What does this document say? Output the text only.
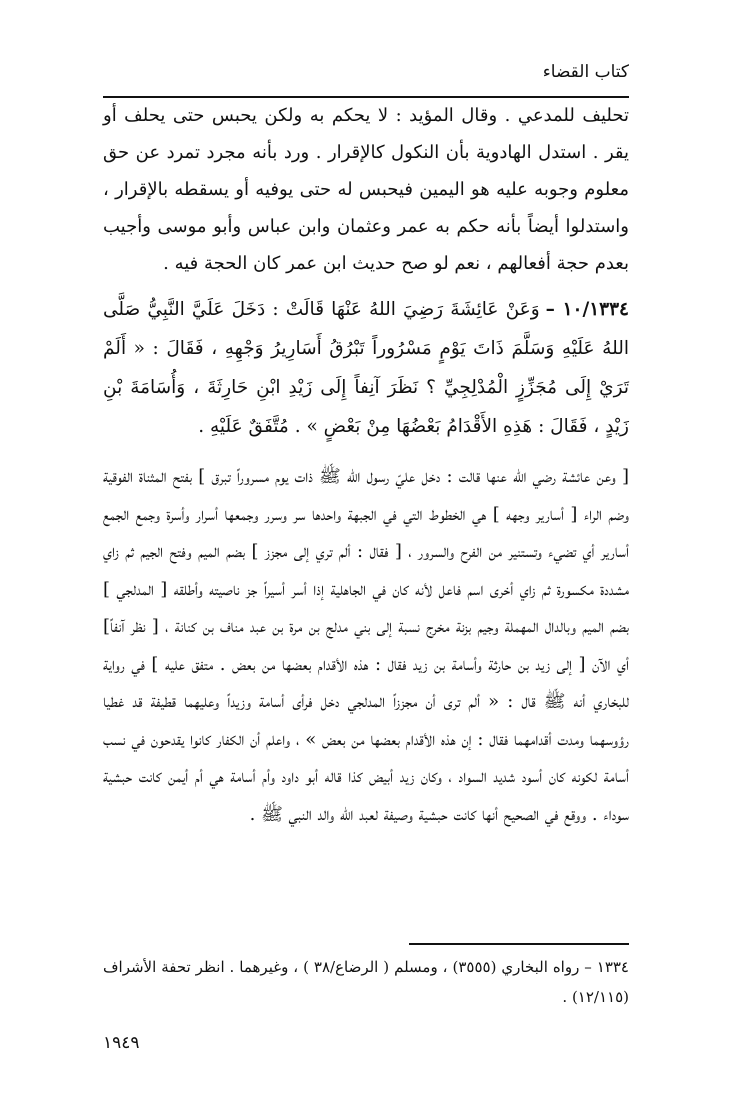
كتاب القضاء

تحليف للمدعي . وقال المؤيد : لا يحكم به ولكن يحبس حتى يحلف أو يقر . استدل الهادوية بأن النكول كالإقرار . ورد بأنه مجرد تمرد عن حق معلوم وجوبه عليه هو اليمين فيحبس له حتى يوفيه أو يسقطه بالإقرار ، واستدلوا أيضاً بأنه حكم به عمر وعثمان وابن عباس وأبو موسى وأجيب بعدم حجة أفعالهم ، نعم لو صح حديث ابن عمر كان الحجة فيه .

١٠/١٣٣٤ –وَعَنْ عَائِشَةَ رَضِيَ اللهُ عَنْهَا قَالَتْ : دَخَلَ عَلَيَّ النَّبِيُّ صَلَّى اللهُ عَلَيْهِ وَسَلَّمَ ذَاتَ يَوْمٍ مَسْرُوراً تَبْرُقُ أَسَارِيرُ وَجْهِهِ ، فَقَالَ : « أَلَمْ تَرَيْ إِلَى مُجَزِّزٍ الْمُدْلِجِيِّ ؟ نَظَرَ آنِفاً إِلَى زَيْدِ ابْنِ حَارِثَةَ ، وَأُسَامَةَ بْنِ زَيْدٍ ، فَقَالَ : هَذِهِ الأَقْدَامُ بَعْضُهَا مِنْ بَعْضٍ » . مُتَّفَقٌ عَلَيْهِ .

[ وعن عائشة رضي الله عنها قالت : دخل عليّ رسول الله ﷺ ذات يوم مسروراً تبرق ] بفتح المثناة الفوقية وضم الراء [ أسارير وجهه ] هي الخطوط التي في الجبهة واحدها سر وسرر وجمعها أسرار وأسرة وجمع الجمع أسارير أي تضيء وتستنير من الفرح والسرور ، [ فقال : ألم تري إلى مجزز ] بضم الميم وفتح الجيم ثم زاي مشددة مكسورة ثم زاي أخرى اسم فاعل لأنه كان في الجاهلية إذا أسر أسيراً جز ناصيته وأطلقه [ المدلجي ] بضم الميم وبالدال المهملة وجيم بزنة مخرج نسبة إلى بني مدلج بن مرة بن عبد مناف بن كنانة ، [ نظر آنفاً] أي الآن [ إلى زيد بن حارثة وأسامة بن زيد فقال : هذه الأقدام بعضها من بعض . متفق عليه ] في رواية للبخاري أنه ﷺ قال : « ألم ترى أن مجززاً المدلجي دخل فرأى أسامة وزيداً وعليهما قطيفة قد غطيا رؤوسهما ومدت أقدامهما فقال : إن هذه الأقدام بعضها من بعض » ، واعلم أن الكفار كانوا يقدحون في نسب أسامة لكونه كان أسود شديد السواد ، وكان زيد أبيض كذا قاله أبو داود وأم أسامة هي أم أيمن كانت حبشية سوداء . ووقع في الصحيح أنها كانت حبشية وصيفة لعبد الله والد النبي ﷺ .

١٣٣٤ – رواه البخاري (٣٥٥٥) ، ومسلم ( الرضاع/٣٨ ) ، وغيرهما . انظر تحفة الأشراف (١٢/١١٥) .

١٩٤٩
